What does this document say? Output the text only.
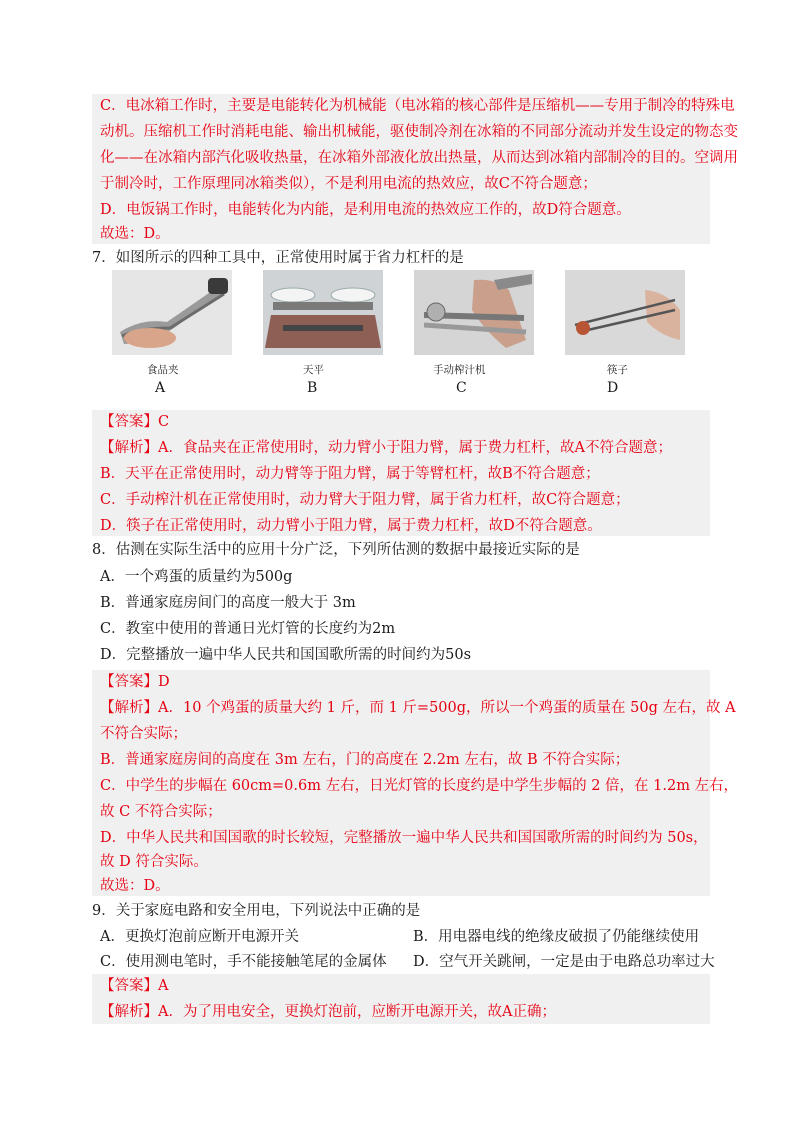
C．电冰箱工作时，主要是电能转化为机械能（电冰箱的核心部件是压缩机——专用于制冷的特殊电
动机。压缩机工作时消耗电能、输出机械能，驱使制冷剂在冰箱的不同部分流动并发生设定的物态变
化——在冰箱内部汽化吸收热量，在冰箱外部液化放出热量，从而达到冰箱内部制冷的目的。空调用
于制冷时，工作原理同冰箱类似），不是利用电流的热效应，故C不符合题意；
D．电饭锅工作时，电能转化为内能，是利用电流的热效应工作的，故D符合题意。
故选：D。
7．如图所示的四种工具中，正常使用时属于省力杠杆的是
食品夹
A
天平
B
手动榨汁机
C
筷子
D
【答案】C
【解析】A．食品夹在正常使用时，动力臂小于阻力臂，属于费力杠杆，故A不符合题意；
B．天平在正常使用时，动力臂等于阻力臂，属于等臂杠杆，故B不符合题意；
C．手动榨汁机在正常使用时，动力臂大于阻力臂，属于省力杠杆，故C符合题意；
D．筷子在正常使用时，动力臂小于阻力臂，属于费力杠杆，故D不符合题意。
8．估测在实际生活中的应用十分广泛，下列所估测的数据中最接近实际的是
A．一个鸡蛋的质量约为500g
B．普通家庭房间门的高度一般大于 3m
C．教室中使用的普通日光灯管的长度约为2m
D．完整播放一遍中华人民共和国国歌所需的时间约为50s
【答案】D
【解析】A．10 个鸡蛋的质量大约 1 斤，而 1 斤=500g，所以一个鸡蛋的质量在 50g 左右，故 A
不符合实际；
B．普通家庭房间的高度在 3m 左右，门的高度在 2.2m 左右，故 B 不符合实际；
C．中学生的步幅在 60cm=0.6m 左右，日光灯管的长度约是中学生步幅的 2 倍，在 1.2m 左右，
故 C 不符合实际；
D．中华人民共和国国歌的时长较短，完整播放一遍中华人民共和国国歌所需的时间约为 50s，
故 D 符合实际。
故选：D。
9．关于家庭电路和安全用电，下列说法中正确的是
A．更换灯泡前应断开电源开关	B．用电器电线的绝缘皮破损了仍能继续使用
C．使用测电笔时，手不能接触笔尾的金属体 D．空气开关跳闸，一定是由于电路总功率过大
【答案】A
【解析】A．为了用电安全，更换灯泡前，应断开电源开关，故A正确；
